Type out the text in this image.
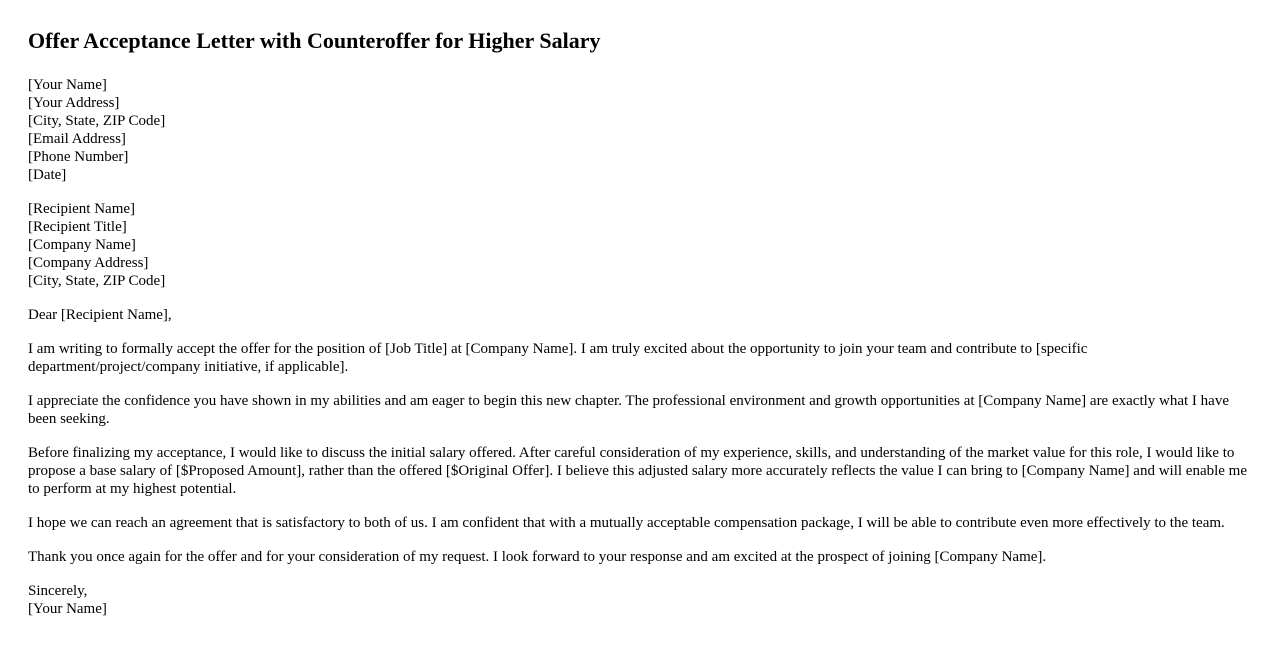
Offer Acceptance Letter with Counteroffer for Higher Salary
[Your Name]
[Your Address]
[City, State, ZIP Code]
[Email Address]
[Phone Number]
[Date]
[Recipient Name]
[Recipient Title]
[Company Name]
[Company Address]
[City, State, ZIP Code]

Dear [Recipient Name],

I am writing to formally accept the offer for the position of [Job Title] at [Company Name]. I am truly excited about the opportunity to join your team and contribute to [specific department/project/company initiative, if applicable].

I appreciate the confidence you have shown in my abilities and am eager to begin this new chapter. The professional environment and growth opportunities at [Company Name] are exactly what I have been seeking.

Before finalizing my acceptance, I would like to discuss the initial salary offered. After careful consideration of my experience, skills, and understanding of the market value for this role, I would like to propose a base salary of [$Proposed Amount], rather than the offered [$Original Offer]. I believe this adjusted salary more accurately reflects the value I can bring to [Company Name] and will enable me to perform at my highest potential.

I hope we can reach an agreement that is satisfactory to both of us. I am confident that with a mutually acceptable compensation package, I will be able to contribute even more effectively to the team.

Thank you once again for the offer and for your consideration of my request. I look forward to your response and am excited at the prospect of joining [Company Name].

Sincerely,
[Your Name]
